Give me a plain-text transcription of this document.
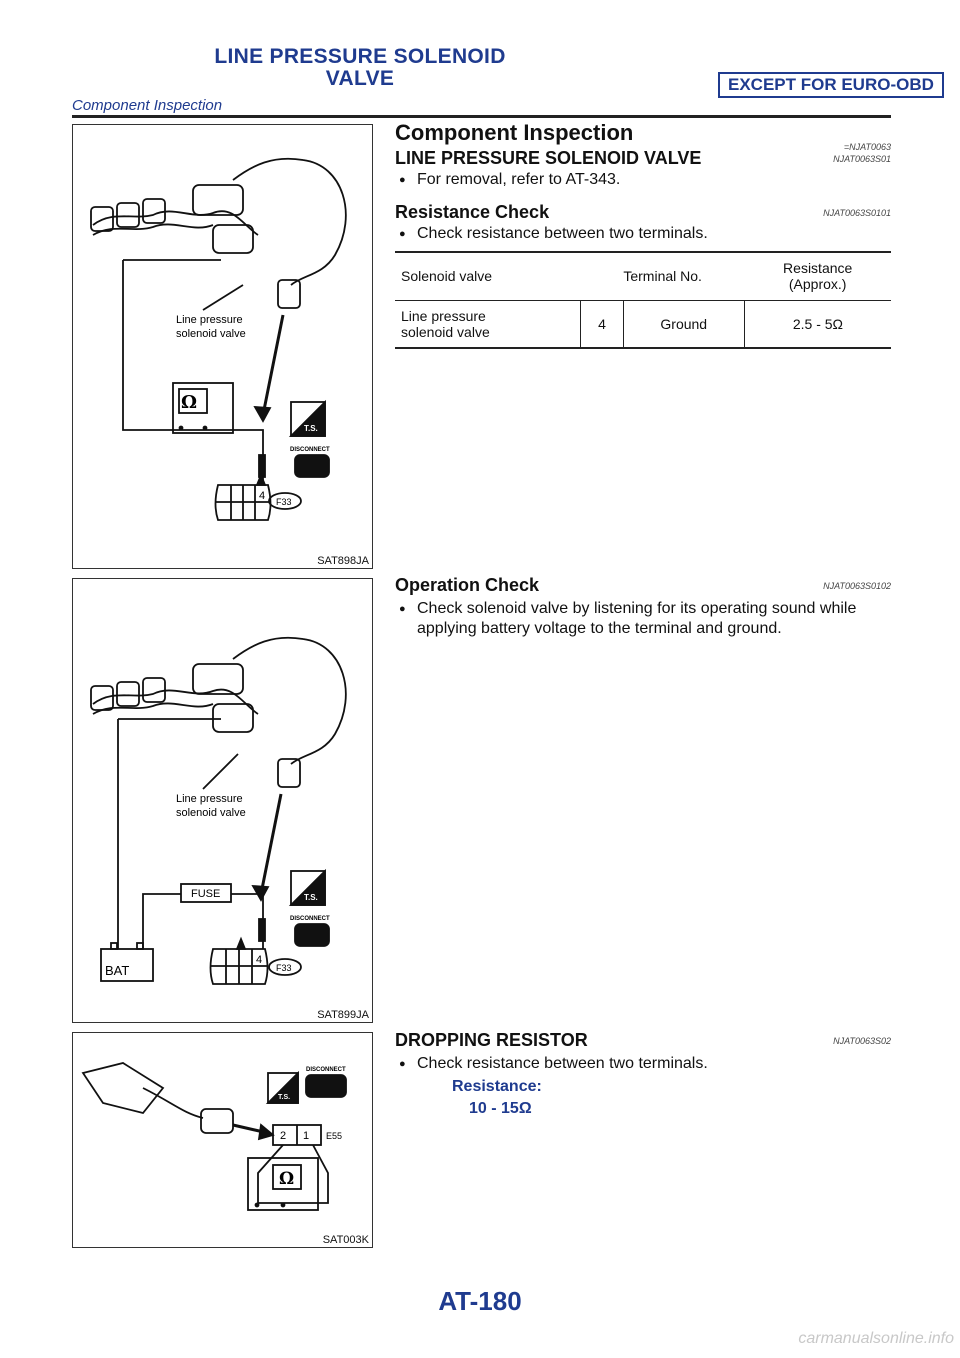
LINE PRESSURE SOLENOID
VALVE	EXCEPT FOR EURO-OBD
Component Inspection
Ω
Line pressure
solenoid valve
T.S.
DISCONNECT
4 F33
SAT898JA
Line pressure
solenoid valve
FUSE
BAT
T.S.
DISCONNECT
4
F33
SAT899JA
Ω
T.S.
DISCONNECT
2 1 E55
SAT003K
Component Inspection
=NJAT0063
LINE PRESSURE SOLENOID VALVE	NJAT0063S01
● For removal, refer to AT-343.
Resistance Check	NJAT0063S0101
● Check resistance between two terminals.
Solenoid valve	Terminal No.		Resistance
(Approx.)

Line pressure
solenoid valve	4	Ground	2.5 - 5Ω
Operation Check	NJAT0063S0102
● Check solenoid valve by listening for its operating sound while
applying battery voltage to the terminal and ground.
DROPPING RESISTOR	NJAT0063S02
● Check resistance between two terminals.
Resistance:
10 - 15Ω
AT-180
carmanualsonline.info
